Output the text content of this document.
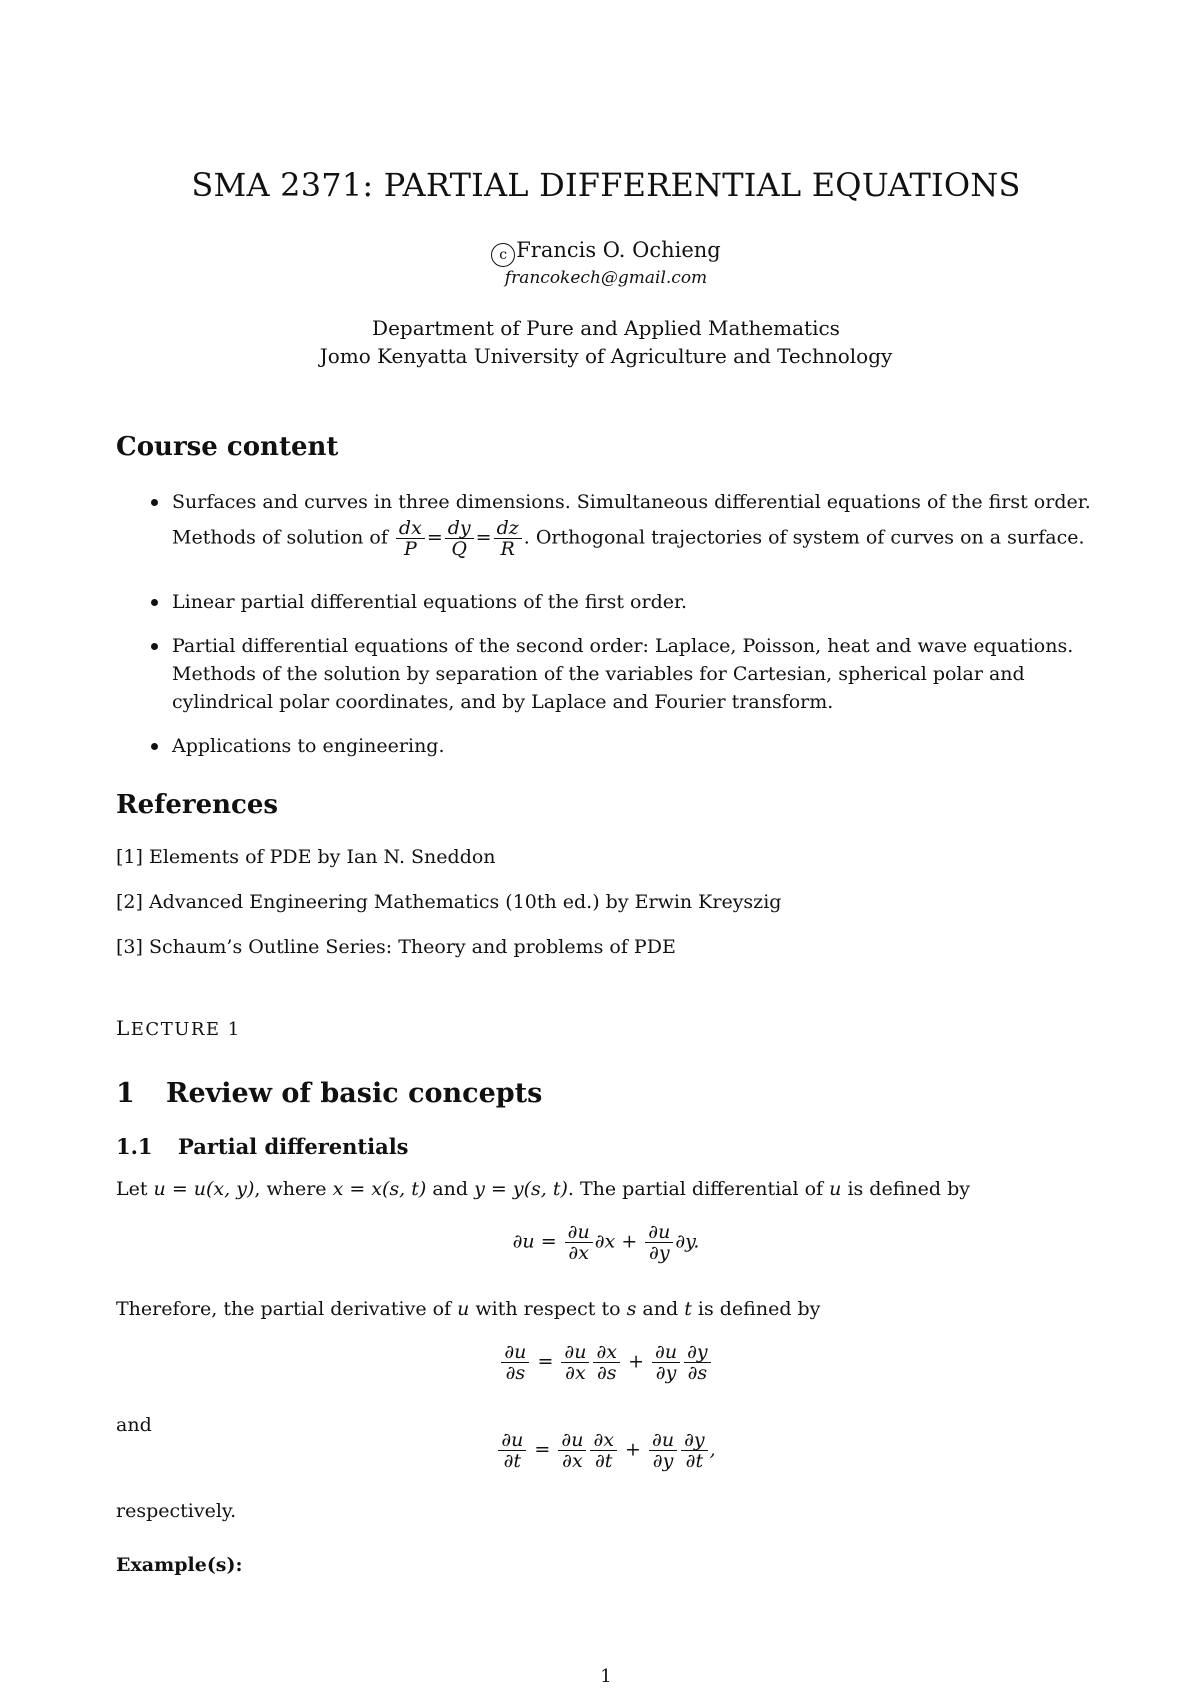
SMA 2371: PARTIAL DIFFERENTIAL EQUATIONS
c Francis O. Ochieng
francokech@gmail.com
Department of Pure and Applied Mathematics
Jomo Kenyatta University of Agriculture and Technology
Course content
Surfaces and curves in three dimensions. Simultaneous differential equations of the first order.
Methods of solution of $\frac{dx}{P} = \frac{dy}{Q} = \frac{dz}{R}$ . Orthogonal trajectories of system of curves on a surface.
Linear partial differential equations of the first order.
Partial differential equations of the second order: Laplace, Poisson, heat and wave equations. Methods of the solution by separation of the variables for Cartesian, spherical polar and cylindrical polar coordinates, and by Laplace and Fourier transform.
Applications to engineering.
References
[1] Elements of PDE by Ian N. Sneddon
[2] Advanced Engineering Mathematics (10th ed.) by Erwin Kreyszig
[3] Schaum’s Outline Series: Theory and problems of PDE
LECTURE 1
1 Review of basic concepts
1.1 Partial differentials
Let u = u(x, y), where x = x(s, t) and y = y(s, t). The partial differential of u is defined by
$\partial u = \frac{\partial u}{\partial x} \partial x + \frac{\partial u}{\partial y} \partial y$.
Therefore, the partial derivative of u with respect to s and t is defined by
$\frac{\partial u}{\partial s} = \frac{\partial u}{\partial x} \frac{\partial x}{\partial s} + \frac{\partial u}{\partial y} \frac{\partial y}{\partial s}$
and
$\frac{\partial u}{\partial t} = \frac{\partial u}{\partial x} \frac{\partial x}{\partial t} + \frac{\partial u}{\partial y} \frac{\partial y}{\partial t}$ ,
respectively.
Example(s):
1
